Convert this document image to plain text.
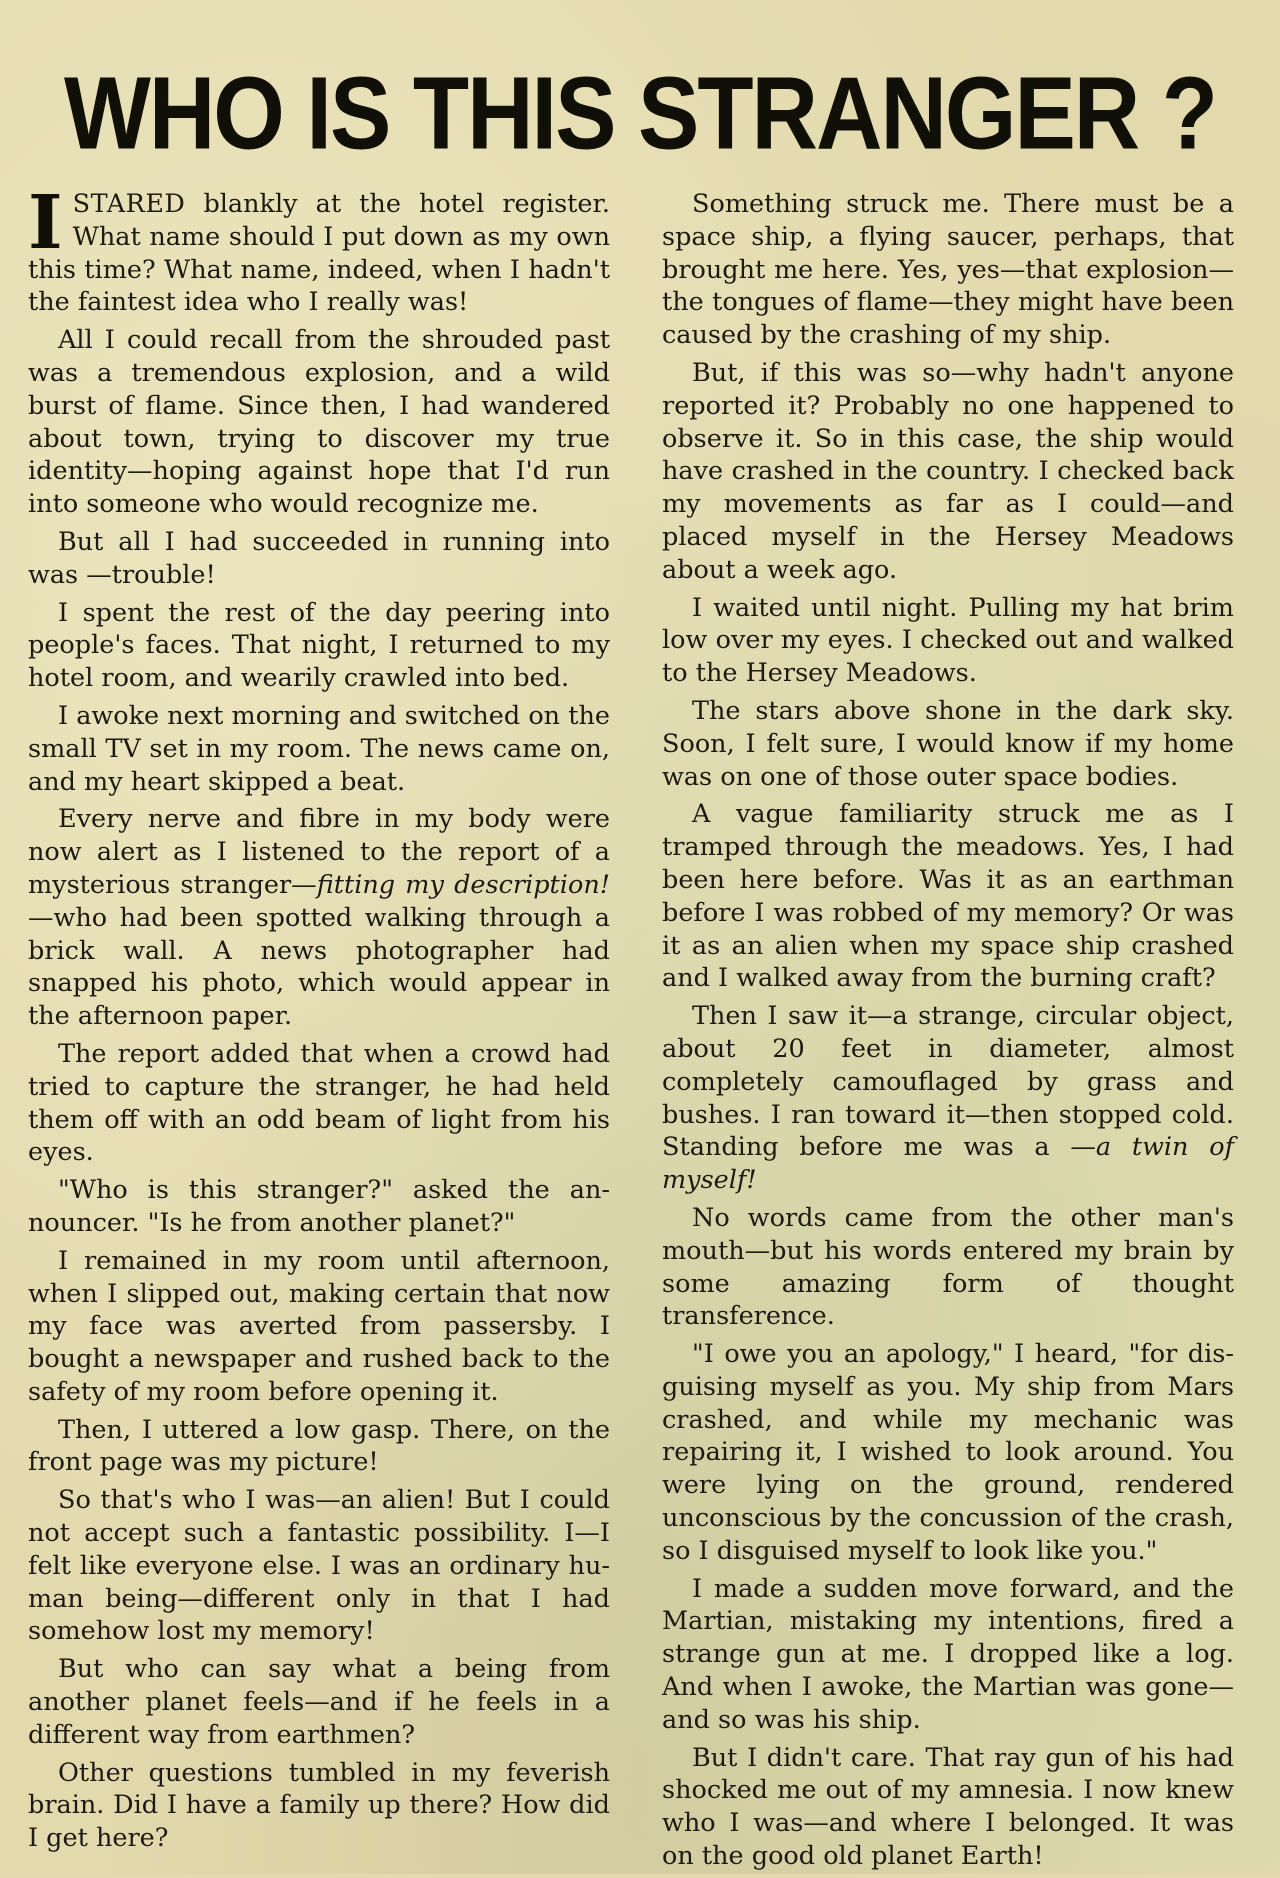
WHO IS THIS STRANGER ?

ISTARED blankly at the hotel register. What name should I put down as my own this time? What name, indeed, when I hadn't the faintest idea who I really was!

All I could recall from the shrouded past was a tremendous explosion, and a wild burst of flame. Since then, I had wandered about town, trying to discover my true identity—hoping against hope that I'd run into someone who would recognize me.

But all I had succeeded in running into was —trouble!

I spent the rest of the day peering into people's faces. That night, I returned to my hotel room, and wearily crawled into bed.

I awoke next morning and switched on the small TV set in my room. The news came on, and my heart skipped a beat.

Every nerve and fibre in my body were now alert as I listened to the report of a mysterious stranger—fitting my description!—who had been spotted walking through a brick wall. A news photographer had snapped his photo, which would appear in the afternoon paper.

The report added that when a crowd had tried to capture the stranger, he had held them off with an odd beam of light from his eyes.

"Who is this stranger?" asked the announcer. "Is he from another planet?"

I remained in my room until afternoon, when I slipped out, making certain that now my face was averted from passersby. I bought a newspaper and rushed back to the safety of my room before opening it.

Then, I uttered a low gasp. There, on the front page was my picture!

So that's who I was—an alien! But I could not accept such a fantastic possibility. I—I felt like everyone else. I was an ordinary human being—different only in that I had somehow lost my memory!

But who can say what a being from another planet feels—and if he feels in a different way from earthmen?

Other questions tumbled in my feverish brain. Did I have a family up there? How did I get here?

Something struck me. There must be a space ship, a flying saucer, perhaps, that brought me here. Yes, yes—that explosion—the tongues of flame—they might have been caused by the crashing of my ship.

But, if this was so—why hadn't anyone reported it? Probably no one happened to observe it. So in this case, the ship would have crashed in the country. I checked back my movements as far as I could—and placed myself in the Hersey Meadows about a week ago.

I waited until night. Pulling my hat brim low over my eyes. I checked out and walked to the Hersey Meadows.

The stars above shone in the dark sky. Soon, I felt sure, I would know if my home was on one of those outer space bodies.

A vague familiarity struck me as I tramped through the meadows. Yes, I had been here before. Was it as an earthman before I was robbed of my memory? Or was it as an alien when my space ship crashed and I walked away from the burning craft?

Then I saw it—a strange, circular object, about 20 feet in diameter, almost completely camouflaged by grass and bushes. I ran toward it—then stopped cold. Standing before me was a —a twin of myself!

No words came from the other man's mouth—but his words entered my brain by some amazing form of thought transference.

"I owe you an apology," I heard, "for disguising myself as you. My ship from Mars crashed, and while my mechanic was repairing it, I wished to look around. You were lying on the ground, rendered unconscious by the concussion of the crash, so I disguised myself to look like you."

I made a sudden move forward, and the Martian, mistaking my intentions, fired a strange gun at me. I dropped like a log. And when I awoke, the Martian was gone—and so was his ship.

But I didn't care. That ray gun of his had shocked me out of my amnesia. I now knew who I was—and where I belonged. It was on the good old planet Earth!
